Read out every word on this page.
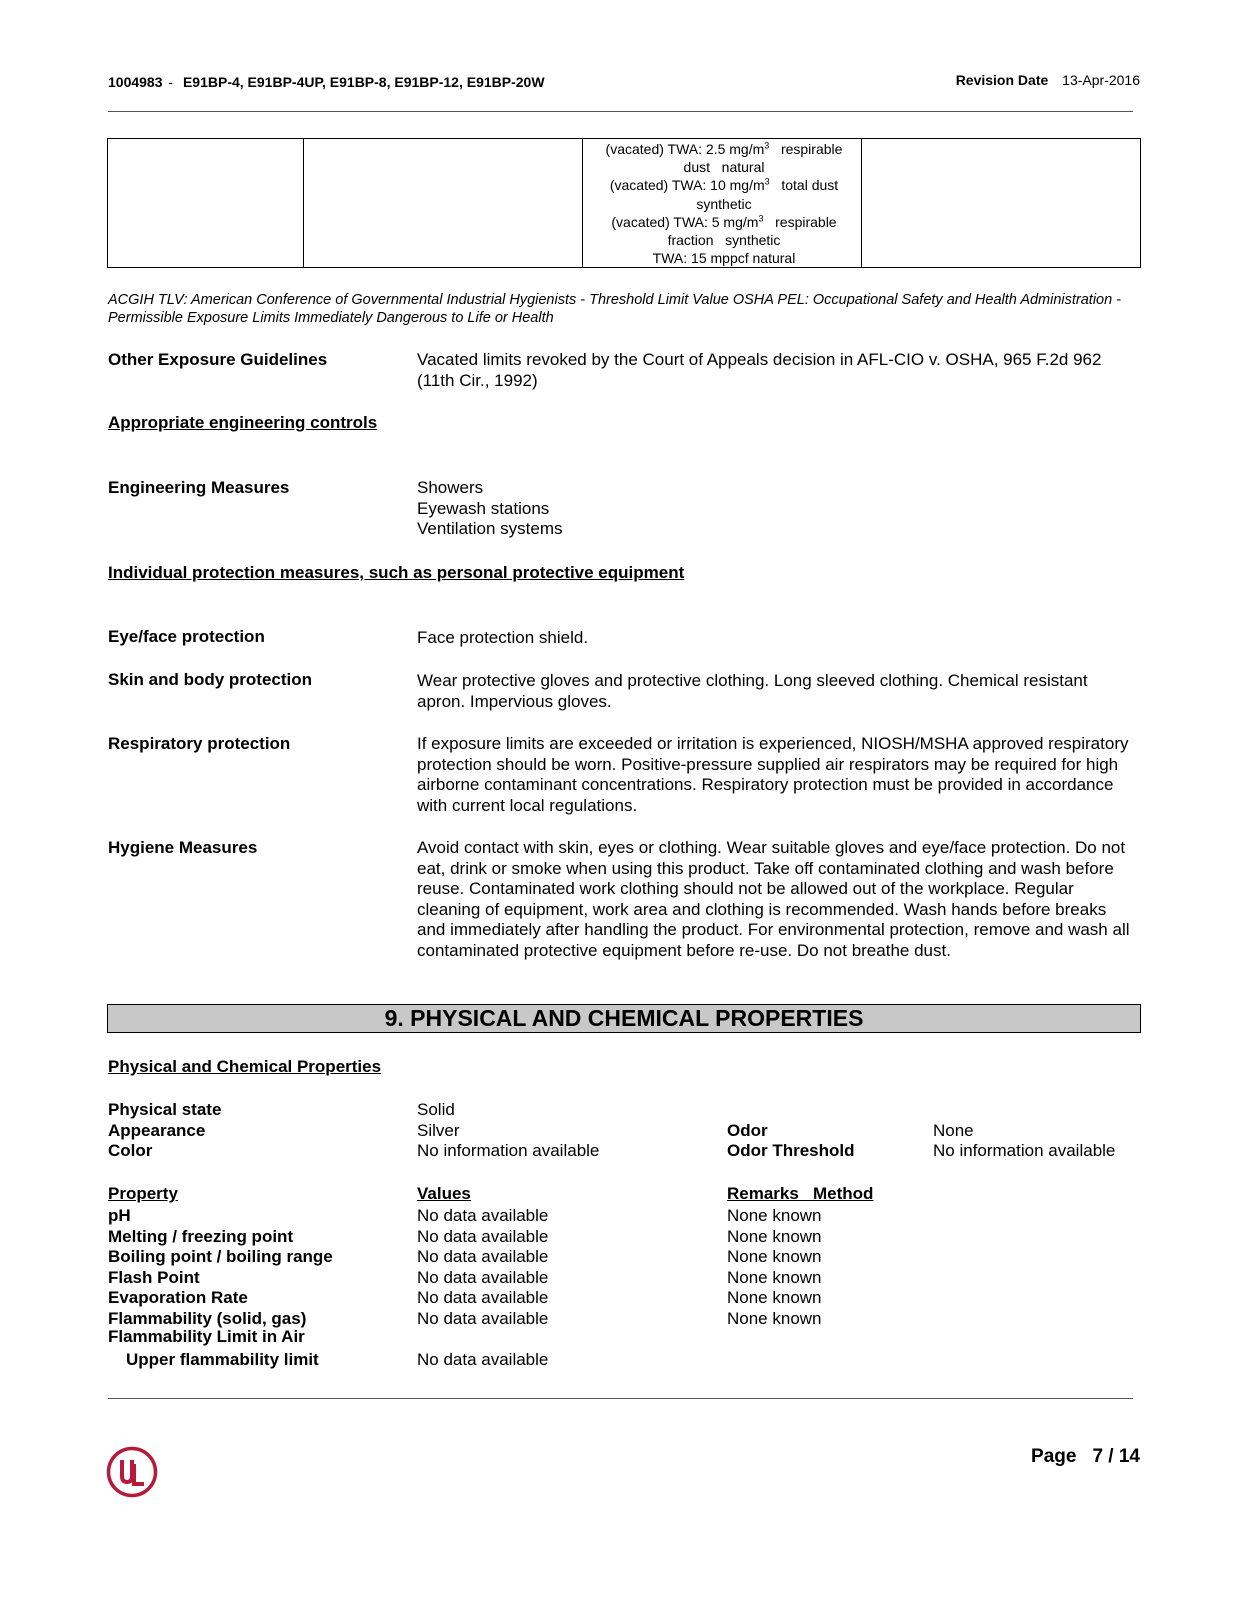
1004983 - E91BP-4, E91BP-4UP, E91BP-8, E91BP-12, E91BP-20W	Revision Date 13-Apr-2016
(vacated) TWA: 2.5 $mg/m^3$   respirable
dust   natural
(vacated) TWA: 10 $mg/m^3$   total dust
synthetic
(vacated) TWA: 5 $mg/m^3$   respirable
fraction   synthetic
TWA: 15 mppcf natural
ACGIH TLV: American Conference of Governmental Industrial Hygienists - Threshold Limit Value OSHA PEL: Occupational Safety and Health Administration - Permissible Exposure Limits Immediately Dangerous to Life or Health
Other Exposure Guidelines	Vacated limits revoked by the Court of Appeals decision in AFL-CIO v. OSHA, 965 F.2d 962 (11th Cir., 1992)
Appropriate engineering controls
Engineering Measures	Showers
Eyewash stations
Ventilation systems
Individual protection measures, such as personal protective equipment
Eye/face protection	Face protection shield.
Skin and body protection	Wear protective gloves and protective clothing. Long sleeved clothing. Chemical resistant apron. Impervious gloves.
Respiratory protection	If exposure limits are exceeded or irritation is experienced, NIOSH/MSHA approved respiratory protection should be worn. Positive-pressure supplied air respirators may be required for high airborne contaminant concentrations. Respiratory protection must be provided in accordance with current local regulations.
Hygiene Measures	Avoid contact with skin, eyes or clothing. Wear suitable gloves and eye/face protection. Do not eat, drink or smoke when using this product. Take off contaminated clothing and wash before reuse. Contaminated work clothing should not be allowed out of the workplace. Regular cleaning of equipment, work area and clothing is recommended. Wash hands before breaks and immediately after handling the product. For environmental protection, remove and wash all contaminated protective equipment before re-use. Do not breathe dust.
9. PHYSICAL AND CHEMICAL PROPERTIES
Physical and Chemical Properties
Physical state	Solid
Appearance	Silver	Odor	None
Color	No information available	Odor Threshold	No information available
Property	Values	Remarks   Method
pH	No data available	None known
Melting / freezing point	No data available	None known
Boiling point / boiling range	No data available	None known
Flash Point	No data available	None known
Evaporation Rate	No data available	None known
Flammability (solid, gas)	No data available	None known
Flammability Limit in Air
Upper flammability limit	No data available
Page 7 / 14
